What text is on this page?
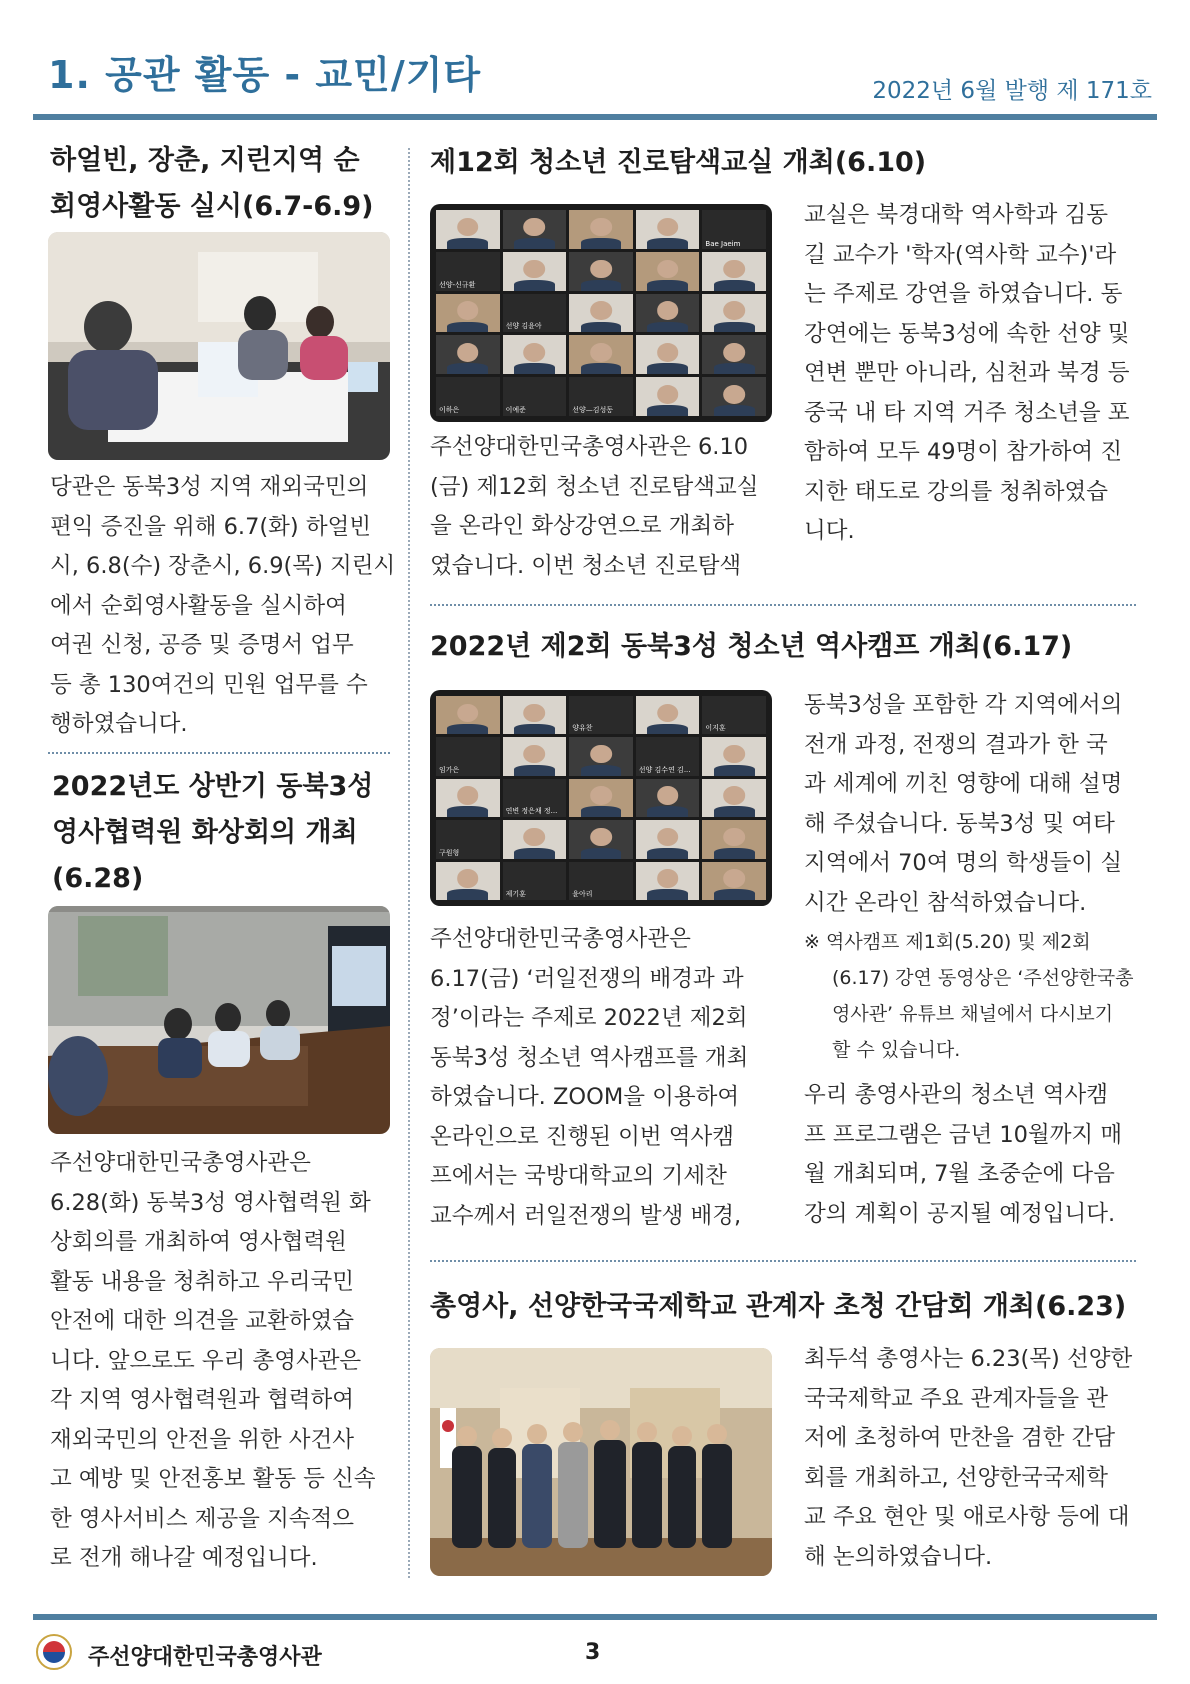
1. 공관 활동 - 교민/기타	2022년 6월 발행 제 171호
하얼빈, 장춘, 지린지역 순
회영사활동 실시(6.7-6.9)
당관은 동북3성 지역 재외국민의
편익 증진을 위해 6.7(화) 하얼빈
시, 6.8(수) 장춘시, 6.9(목) 지린시
에서 순회영사활동을 실시하여
여권 신청, 공증 및 증명서 업무
등 총 130여건의 민원 업무를 수
행하였습니다.
2022년도 상반기 동북3성
영사협력원 화상회의 개최
(6.28)
주선양대한민국총영사관은
6.28(화) 동북3성 영사협력원 화
상회의를 개최하여 영사협력원
활동 내용을 청취하고 우리국민
안전에 대한 의견을 교환하였습
니다. 앞으로도 우리 총영사관은
각 지역 영사협력원과 협력하여
재외국민의 안전을 위한 사건사
고 예방 및 안전홍보 활동 등 신속
한 영사서비스 제공을 지속적으
로 전개 해나갈 예정입니다.
제12회 청소년 진로탐색교실 개최(6.10)
Bae Jaeim
선양-신규환
선양 김윤아
이하은	이예준	선양—김성동
주선양대한민국총영사관은 6.10
(금) 제12회 청소년 진로탐색교실
을 온라인 화상강연으로 개최하
였습니다. 이번 청소년 진로탐색
교실은 북경대학 역사학과 김동
길 교수가 '학자(역사학 교수)'라
는 주제로 강연을 하였습니다. 동
강연에는 동북3성에 속한 선양 및
연변 뿐만 아니라, 심천과 북경 등
중국 내 타 지역 거주 청소년을 포
함하여 모두 49명이 참가하여 진
지한 태도로 강의를 청취하였습
니다.
2022년 제2회 동북3성 청소년 역사캠프 개최(6.17)
양유찬	이지훈
임가은	선양 김수연 김...
연변 정은채 정...
구원형
제기훈	윤아리
주선양대한민국총영사관은
6.17(금) ‘러일전쟁의 배경과 과
정’이라는 주제로 2022년 제2회
동북3성 청소년 역사캠프를 개최
하였습니다. ZOOM을 이용하여
온라인으로 진행된 이번 역사캠
프에서는 국방대학교의 기세찬
교수께서 러일전쟁의 발생 배경,
동북3성을 포함한 각 지역에서의
전개 과정, 전쟁의 결과가 한 국
과 세계에 끼친 영향에 대해 설명
해 주셨습니다. 동북3성 및 여타
지역에서 70여 명의 학생들이 실
시간 온라인 참석하였습니다.
※ 역사캠프 제1회(5.20) 및 제2회
(6.17) 강연 동영상은 ‘주선양한국총
영사관’ 유튜브 채널에서 다시보기
할 수 있습니다.
우리 총영사관의 청소년 역사캠
프 프로그램은 금년 10월까지 매
월 개최되며, 7월 초중순에 다음
강의 계획이 공지될 예정입니다.
총영사, 선양한국국제학교 관계자 초청 간담회 개최(6.23)
최두석 총영사는 6.23(목) 선양한
국국제학교 주요 관계자들을 관
저에 초청하여 만찬을 겸한 간담
회를 개최하고, 선양한국국제학
교 주요 현안 및 애로사항 등에 대
해 논의하였습니다.
주선양대한민국총영사관	3
